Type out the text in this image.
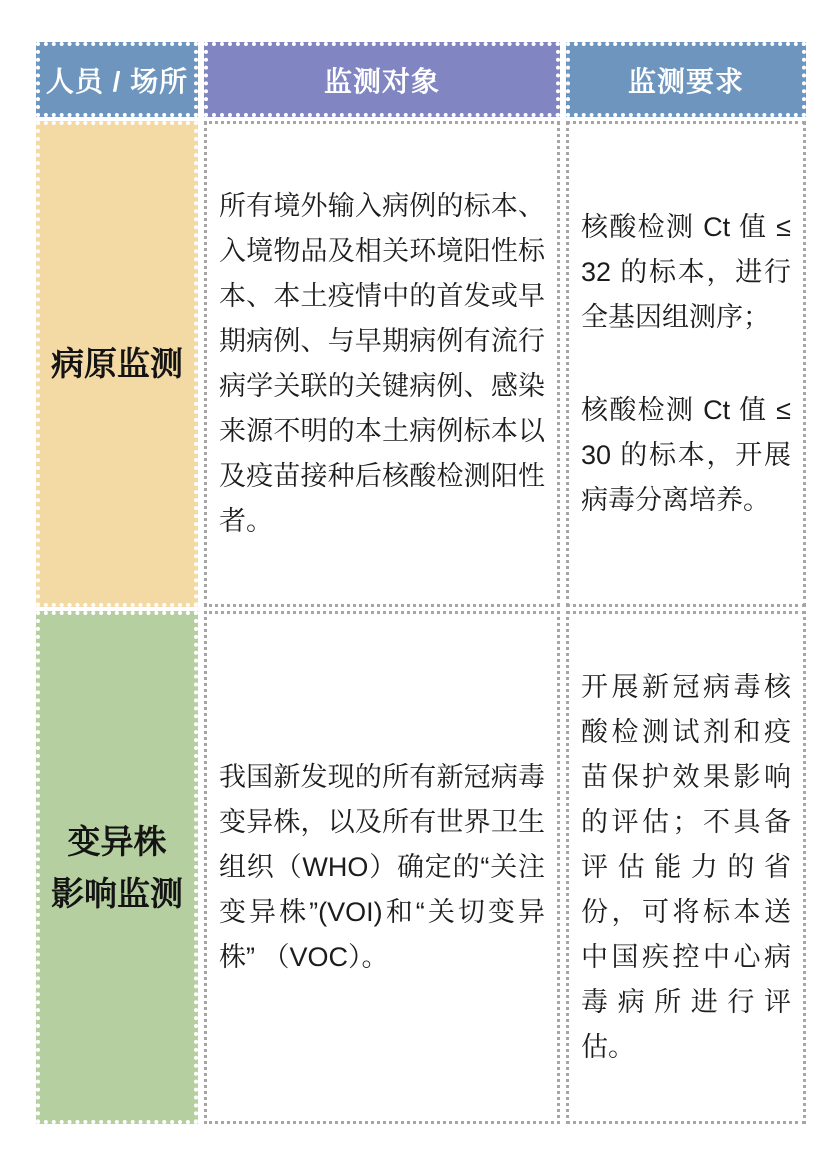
人员 / 场所	监测对象	监测要求
病原监测

所有境外输入病例的标本、入境物品及相关环境阳性标本、本土疫情中的首发或早期病例、与早期病例有流行病学关联的关键病例、感染来源不明的本土病例标本以及疫苗接种后核酸检测阳性者。

核酸检测 Ct 值 ≤ 32 的标本，进行全基因组测序；

核酸检测 Ct 值 ≤ 30 的标本，开展病毒分离培养。

变异株
影响监测

我国新发现的所有新冠病毒变异株，以及所有世界卫生组织（WHO）确定的“关注变异株”(VOI)和“关切变异株” （VOC）。

开展新冠病毒核酸检测试剂和疫苗保护效果影响的评估；不具备评估能力的省份，可将标本送中国疾控中心病毒病所进行评估。
